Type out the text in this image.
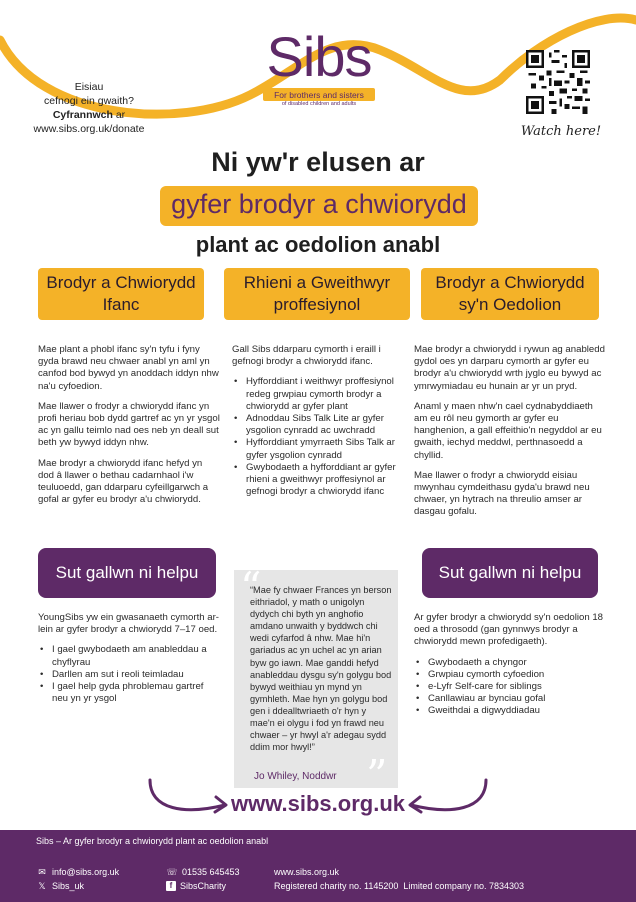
Eisiau
cefnogi ein gwaith?
Cyfrannwch ar
www.sibs.org.uk/donate
Sibs
For brothers and sisters
of disabled children and adults
Watch here!
Ni yw'r elusen ar
gyfer brodyr a chwiorydd
plant ac oedolion anabl
Brodyr a Chwiorydd Ifanc
Rhieni a Gweithwyr proffesiynol
Brodyr a Chwiorydd sy'n Oedolion

Mae plant a phobl ifanc sy'n tyfu i fyny gyda brawd neu chwaer anabl yn aml yn canfod bod bywyd yn anoddach iddyn nhw na'u cyfoedion.

Mae llawer o frodyr a chwiorydd ifanc yn profi heriau bob dydd gartref ac yn yr ysgol ac yn gallu teimlo nad oes neb yn deall sut beth yw bywyd iddyn nhw.

Mae brodyr a chwiorydd ifanc hefyd yn dod â llawer o bethau cadarnhaol i'w teuluoedd, gan ddarparu cyfeillgarwch a gofal ar gyfer eu brodyr a'u chwiorydd.

Sut gallwn ni helpu

YoungSibs yw ein gwasanaeth cymorth ar-lein ar gyfer brodyr a chwiorydd 7–17 oed.

• I gael gwybodaeth am anableddau a chyflyrau
• Darllen am sut i reoli teimladau
• I gael help gyda phroblemau gartref neu yn yr ysgol

Gall Sibs ddarparu cymorth i eraill i gefnogi brodyr a chwiorydd ifanc.

• Hyfforddiant i weithwyr proffesiynol redeg grwpiau cymorth brodyr a chwiorydd ar gyfer plant
• Adnoddau Sibs Talk Lite ar gyfer ysgolion cynradd ac uwchradd
• Hyfforddiant ymyrraeth Sibs Talk ar gyfer ysgolion cynradd
• Gwybodaeth a hyfforddiant ar gyfer rhieni a gweithwyr proffesiynol ar gefnogi brodyr a chwiorydd ifanc
“
“Mae fy chwaer Frances yn berson eithriadol, y math o unigolyn dydych chi byth yn anghofio amdano unwaith y byddwch chi wedi cyfarfod â nhw. Mae hi'n gariadus ac yn uchel ac yn arian byw go iawn. Mae ganddi hefyd anableddau dysgu sy'n golygu bod bywyd weithiau yn mynd yn gymhleth. Mae hyn yn golygu bod gen i ddealltwriaeth o'r hyn y mae'n ei olygu i fod yn frawd neu chwaer – yr hwyl a'r adegau sydd ddim mor hwyl!”
Jo Whiley, Noddwr ”

Mae brodyr a chwiorydd i rywun ag anabledd gydol oes yn darparu cymorth ar gyfer eu brodyr a'u chwiorydd wrth jyglo eu bywyd ac ymrwymiadau eu hunain ar yr un pryd.

Anaml y maen nhw'n cael cydnabyddiaeth am eu rôl neu gymorth ar gyfer eu hanghenion, a gall effeithio'n negyddol ar eu gwaith, iechyd meddwl, perthnasoedd a chyllid.

Mae llawer o frodyr a chwiorydd eisiau mwynhau cymdeithasu gyda'u brawd neu chwaer, yn hytrach na threulio amser ar dasgau gofalu.

Sut gallwn ni helpu

Ar gyfer brodyr a chwiorydd sy'n oedolion 18 oed a throsodd (gan gynnwys brodyr a chwiorydd mewn profedigaeth).

• Gwybodaeth a chyngor
• Grwpiau cymorth cyfoedion
• e-Lyfr Self-care for siblings
• Canllawiau ar bynciau gofal
• Gweithdai a digwyddiadau
www.sibs.org.uk
Sibs – Ar gyfer brodyr a chwiorydd plant ac oedolion anabl
✉ info@sibs.org.uk
𝕏 Sibs_uk
☏ 01535 645453
f SibsCharity
www.sibs.org.uk
Registered charity no. 1145200  Limited company no. 7834303
